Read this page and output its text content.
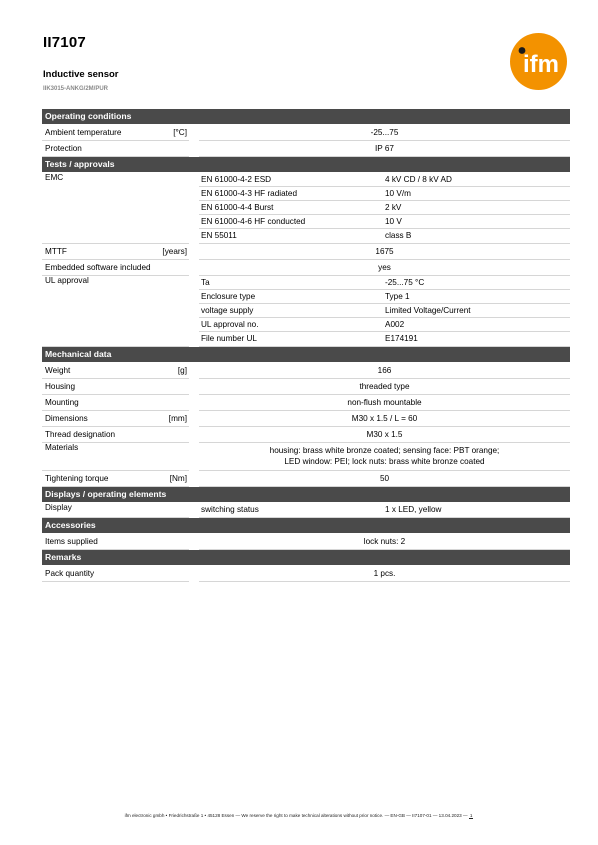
II7107
Inductive sensor
IIK3015-ANKG/2M/PUR
ifm
Operating conditions
Ambient temperature	[°C]	-25...75
Protection	IP 67
Tests / approvals
EMC	EN 61000-4-2 ESD	4 kV CD / 8 kV AD
EN 61000-4-3 HF radiated	10 V/m
EN 61000-4-4 Burst	2 kV
EN 61000-4-6 HF conducted	10 V
EN 55011	class B
MTTF	[years]	1675
Embedded software included	yes
UL approval	Ta	-25...75 °C
Enclosure type	Type 1
voltage supply	Limited Voltage/Current
UL approval no.	A002
File number UL	E174191
Mechanical data
Weight	[g]	166
Housing	threaded type
Mounting	non-flush mountable
Dimensions	[mm]	M30 x 1.5 / L = 60
Thread designation	M30 x 1.5
Materials	housing: brass white bronze coated; sensing face: PBT orange;
LED window: PEI; lock nuts: brass white bronze coated
Tightening torque	[Nm]	50
Displays / operating elements
Display	switching status	1 x LED, yellow
Accessories
Items supplied	lock nuts: 2
Remarks
Pack quantity	1 pcs.
ifm electronic gmbh • Friedrichstraße 1 • 45128 Essen — We reserve the right to make technical alterations without prior notice. — EN-GB — II7107-01 — 13.04.2023 — 1
